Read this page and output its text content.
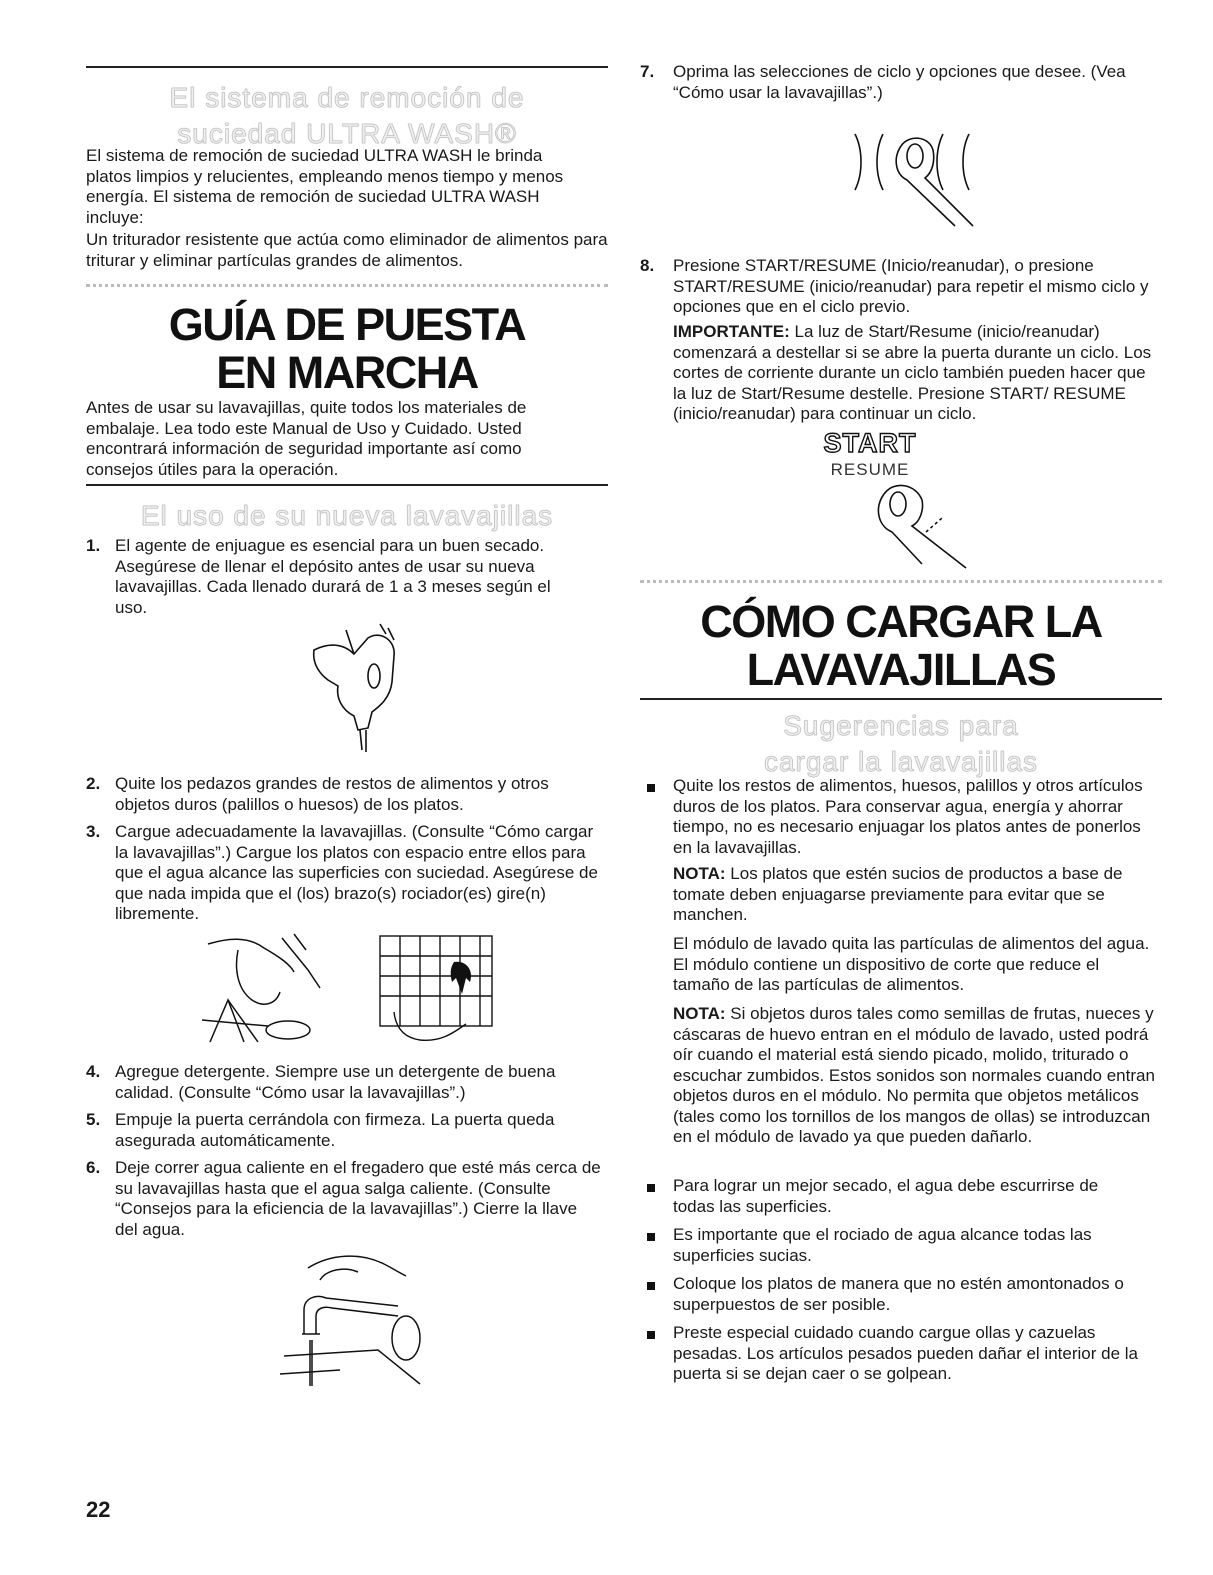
El sistema de remoción de
suciedad ULTRA WASH®
El sistema de remoción de suciedad ULTRA WASH le brinda platos limpios y relucientes, empleando menos tiempo y menos energía. El sistema de remoción de suciedad ULTRA WASH incluye:
Un triturador resistente que actúa como eliminador de alimentos para triturar y eliminar partículas grandes de alimentos.
GUÍA DE PUESTA
EN MARCHA
Antes de usar su lavavajillas, quite todos los materiales de embalaje. Lea todo este Manual de Uso y Cuidado. Usted encontrará información de seguridad importante así como consejos útiles para la operación.
El uso de su nueva lavavajillas
1. El agente de enjuague es esencial para un buen secado. Asegúrese de llenar el depósito antes de usar su nueva lavavajillas. Cada llenado durará de 1 a 3 meses según el uso.
2. Quite los pedazos grandes de restos de alimentos y otros objetos duros (palillos o huesos) de los platos.
3. Cargue adecuadamente la lavavajillas. (Consulte “Cómo cargar la lavavajillas”.) Cargue los platos con espacio entre ellos para que el agua alcance las superficies con suciedad. Asegúrese de que nada impida que el (los) brazo(s) rociador(es) gire(n) libremente.
4. Agregue detergente. Siempre use un detergente de buena calidad. (Consulte “Cómo usar la lavavajillas”.)
5. Empuje la puerta cerrándola con firmeza. La puerta queda asegurada automáticamente.
6. Deje correr agua caliente en el fregadero que esté más cerca de su lavavajillas hasta que el agua salga caliente. (Consulte “Consejos para la eficiencia de la lavavajillas”.) Cierre la llave del agua.
7. Oprima las selecciones de ciclo y opciones que desee. (Vea “Cómo usar la lavavajillas”.)
8. Presione START/RESUME (Inicio/reanudar), o presione START/RESUME (inicio/reanudar) para repetir el mismo ciclo y opciones que en el ciclo previo.
IMPORTANTE: La luz de Start/Resume (inicio/reanudar) comenzará a destellar si se abre la puerta durante un ciclo. Los cortes de corriente durante un ciclo también pueden hacer que la luz de Start/Resume destelle. Presione START/ RESUME (inicio/reanudar) para continuar un ciclo.
START
RESUME
CÓMO CARGAR LA
LAVAVAJILLAS
Sugerencias para
cargar la lavavajillas
Quite los restos de alimentos, huesos, palillos y otros artículos duros de los platos. Para conservar agua, energía y ahorrar tiempo, no es necesario enjuagar los platos antes de ponerlos en la lavavajillas.
NOTA: Los platos que estén sucios de productos a base de tomate deben enjuagarse previamente para evitar que se manchen.
El módulo de lavado quita las partículas de alimentos del agua. El módulo contiene un dispositivo de corte que reduce el tamaño de las partículas de alimentos.
NOTA: Si objetos duros tales como semillas de frutas, nueces y cáscaras de huevo entran en el módulo de lavado, usted podrá oír cuando el material está siendo picado, molido, triturado o escuchar zumbidos. Estos sonidos son normales cuando entran objetos duros en el módulo. No permita que objetos metálicos (tales como los tornillos de los mangos de ollas) se introduzcan en el módulo de lavado ya que pueden dañarlo.
Para lograr un mejor secado, el agua debe escurrirse de todas las superficies.
Es importante que el rociado de agua alcance todas las superficies sucias.
Coloque los platos de manera que no estén amontonados o superpuestos de ser posible.
Preste especial cuidado cuando cargue ollas y cazuelas pesadas. Los artículos pesados pueden dañar el interior de la puerta si se dejan caer o se golpean.
22
